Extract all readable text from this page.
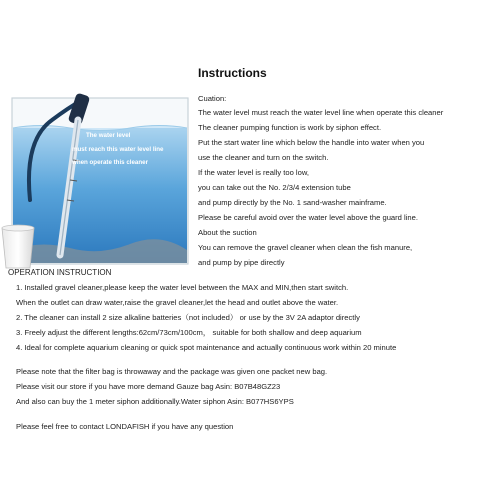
Instructions
The water level
must reach this water level line
when operate this cleaner
Cuation:
The water level must reach the water level line when operate this cleaner
The cleaner pumping function is work by siphon effect.
Put the start water line which below the handle into water when you
use the cleaner and turn on the switch.
If the water level is really too low,
you can take out the No. 2/3/4 extension tube
and pump directly by the No. 1 sand-washer mainframe.
Please be careful avoid over the water level above the guard line.
About the suction
You can remove the gravel cleaner when clean the fish manure,
and pump by pipe directly
OPERATION INSTRUCTION
1. Installed gravel cleaner,please keep the water level between the MAX and MIN,then start switch.
When the outlet can draw water,raise the gravel cleaner,let the head and outlet above the water.
2. The cleaner can install 2 size alkaline batteries（not included） or use by the 3V 2A adaptor directly
3. Freely adjust the different lengths:62cm/73cm/100cm， suitable for both shallow and deep aquarium
4. Ideal for complete aquarium cleaning or quick spot maintenance and actually continuous work within 20 minute
Please note that the filter bag is throwaway and the package was given one packet new bag.
Please visit our store if you have more demand Gauze bag Asin: B07B48GZ23
And also can buy the 1 meter siphon additionally.Water siphon Asin: B077HS6YPS
Please feel free to contact LONDAFISH if you have any question
